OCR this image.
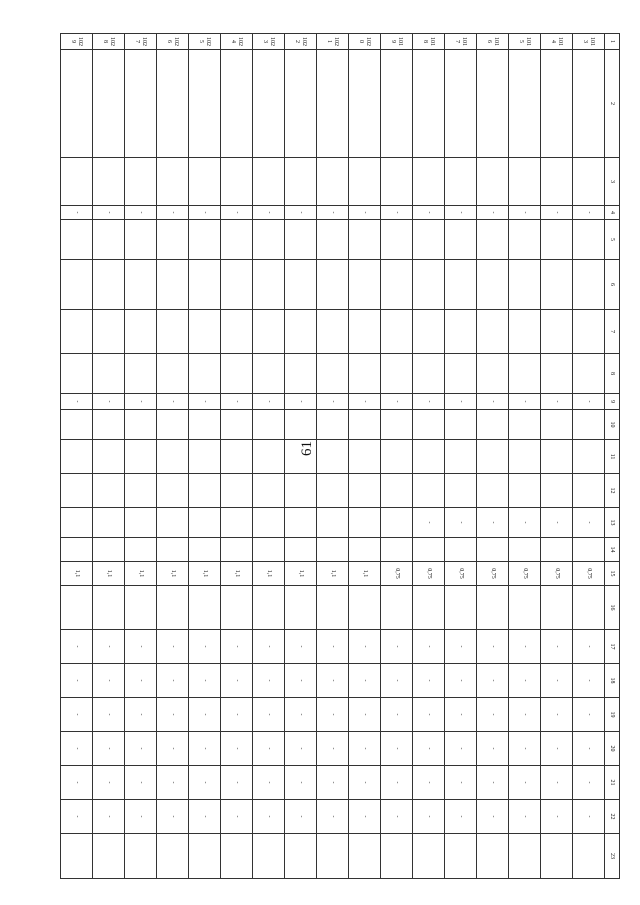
61
1	2	3	4	5	6	7	8	9	10	11	12	13	14	15	16	17	18	19	20	21	22	23
1013			-					-				-		0,75		-	-	-	-	-	-	
1014			-					-				-		0,75		-	-	-	-	-	-	
1015			-					-				-		0,75		-	-	-	-	-	-	
1016			-					-				-		0,75		-	-	-	-	-	-	
1017			-					-				-		0,75		-	-	-	-	-	-	
1018			-					-				-		0,75		-	-	-	-	-	-	
1019			-					-						0,75		-	-	-	-	-	-	
1020			-					-						1,1		-	-	-	-	-	-	
1021			-					-						1,1		-	-	-	-	-	-	
1022			-					-						1,1		-	-	-	-	-	-	
1023			-					-						1,1		-	-	-	-	-	-	
1024			-					-						1,1		-	-	-	-	-	-	
1025			-					-						1,1		-	-	-	-	-	-	
1026			-					-						1,1		-	-	-	-	-	-	
1027			-					-						1,1		-	-	-	-	-	-	
1028			-					-						1,1		-	-	-	-	-	-	
1029			-					-						1,1		-	-	-	-	-	-	
